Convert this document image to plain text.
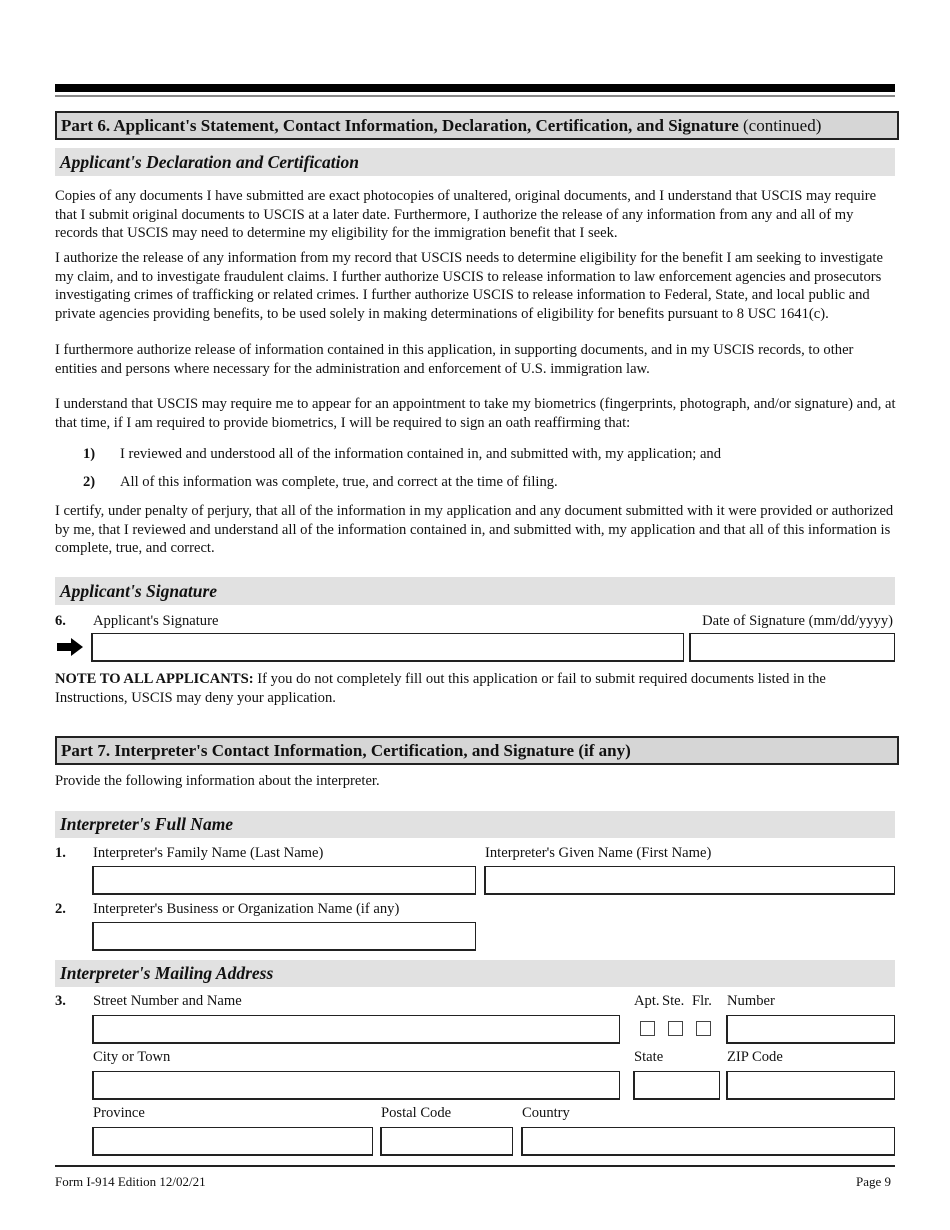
Part 6. Applicant's Statement, Contact Information, Declaration, Certification, and Signature (continued)
Applicant's Declaration and Certification
Copies of any documents I have submitted are exact photocopies of unaltered, original documents, and I understand that USCIS may require that I submit original documents to USCIS at a later date. Furthermore, I authorize the release of any information from any and all of my records that USCIS may need to determine my eligibility for the immigration benefit that I seek.
I authorize the release of any information from my record that USCIS needs to determine eligibility for the benefit I am seeking to investigate my claim, and to investigate fraudulent claims. I further authorize USCIS to release information to law enforcement agencies and prosecutors investigating crimes of trafficking or related crimes. I further authorize USCIS to release information to Federal, State, and local public and private agencies providing benefits, to be used solely in making determinations of eligibility for benefits pursuant to 8 USC 1641(c).
I furthermore authorize release of information contained in this application, in supporting documents, and in my USCIS records, to other entities and persons where necessary for the administration and enforcement of U.S. immigration law.
I understand that USCIS may require me to appear for an appointment to take my biometrics (fingerprints, photograph, and/or signature) and, at that time, if I am required to provide biometrics, I will be required to sign an oath reaffirming that:
1) I reviewed and understood all of the information contained in, and submitted with, my application; and
2) All of this information was complete, true, and correct at the time of filing.
I certify, under penalty of perjury, that all of the information in my application and any document submitted with it were provided or authorized by me, that I reviewed and understand all of the information contained in, and submitted with, my application and that all of this information is complete, true, and correct.
Applicant's Signature
6. Applicant's Signature	Date of Signature (mm/dd/yyyy)
NOTE TO ALL APPLICANTS: If you do not completely fill out this application or fail to submit required documents listed in the Instructions, USCIS may deny your application.
Part 7. Interpreter's Contact Information, Certification, and Signature (if any)
Provide the following information about the interpreter.
Interpreter's Full Name
1. Interpreter's Family Name (Last Name)	Interpreter's Given Name (First Name)
2. Interpreter's Business or Organization Name (if any)
Interpreter's Mailing Address
3. Street Number and Name	Apt. Ste. Flr. Number
City or Town	State	ZIP Code
Province	Postal Code	Country
Form I-914 Edition 12/02/21	Page 9
